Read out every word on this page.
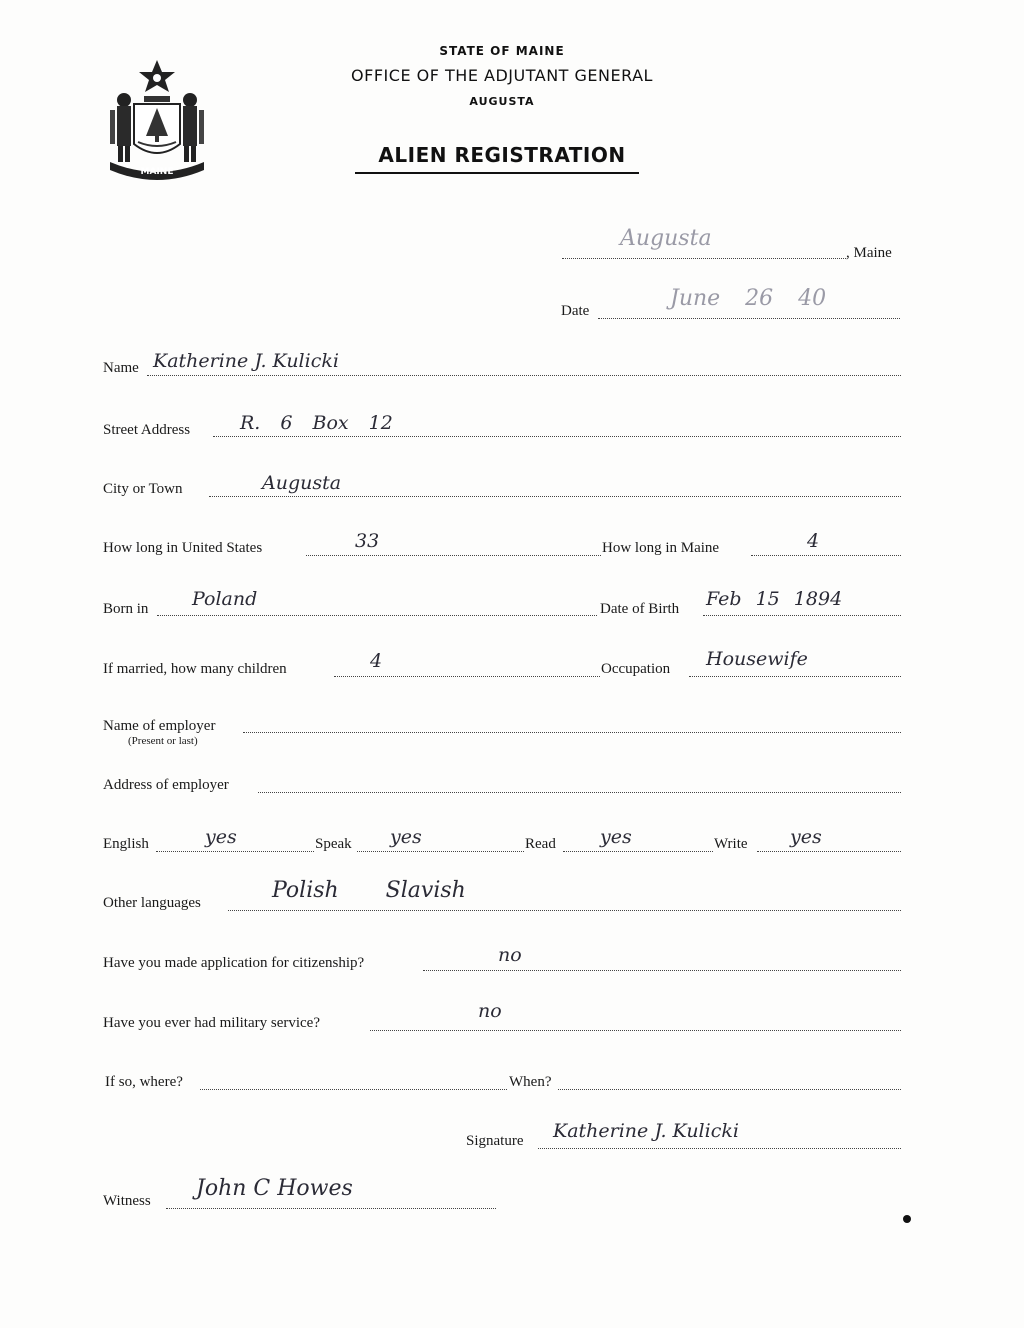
MAINE
STATE OF MAINE
OFFICE OF THE ADJUTANT GENERAL
AUGUSTA
ALIEN REGISTRATION
Augusta
, Maine
Date	June 26 40
Name Katherine J. Kulicki
Street Address	R. 6 Box 12
City or Town	Augusta
How long in United States	33	How long in Maine	4
Born in Poland	Date of Birth Feb 15 1894
If married, how many children	4	Occupation Housewife
Name of employer
(Present or last)
Address of employer
English	yes	Speak yes	Read yes	Write yes
Other languages	Polish Slavish
Have you made application for citizenship?	no
Have you ever had military service?
no
If so, where?	When?
Signature Katherine J. Kulicki
Witness John C Howes
